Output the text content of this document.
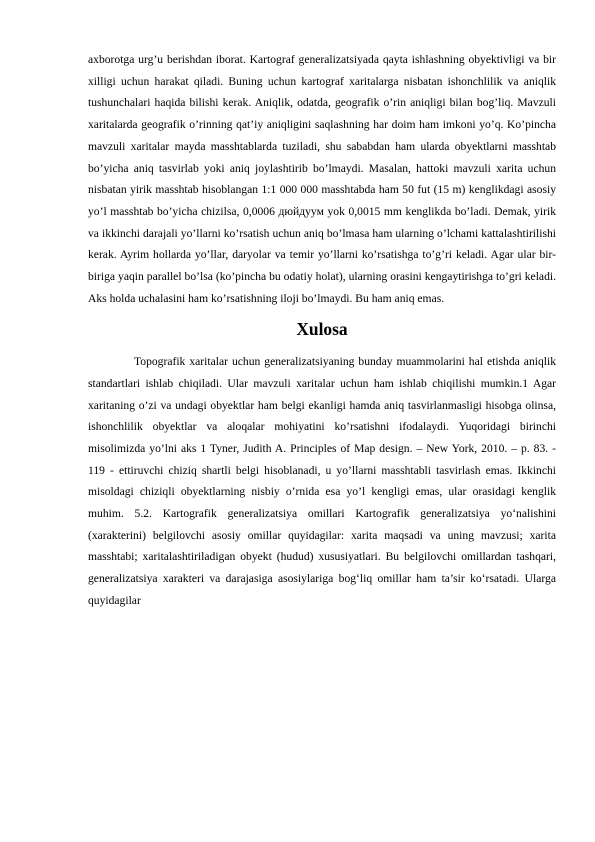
axborotga urg’u berishdan iborat. Kartograf generalizatsiyada qayta ishlashning obyektivligi va bir xilligi uchun harakat qiladi. Buning uchun kartograf xaritalarga nisbatan ishonchlilik va aniqlik tushunchalari haqida bilishi kerak. Aniqlik, odatda, geografik o’rin aniqligi bilan bog’liq. Mavzuli xaritalarda geografik o’rinning qat’iy aniqligini saqlashning har doim ham imkoni yo’q. Ko’pincha mavzuli xaritalar mayda masshtablarda tuziladi, shu sababdan ham ularda obyektlarni masshtab bo’yicha aniq tasvirlab yoki aniq joylashtirib bo’lmaydi. Masalan, hattoki mavzuli xarita uchun nisbatan yirik masshtab hisoblangan 1:1 000 000 masshtabda ham 50 fut (15 m) kenglikdagi asosiy yo’l masshtab bo’yicha chizilsa, 0,0006 дюйдуум yok 0,0015 mm kenglikda bo’ladi. Demak, yirik va ikkinchi darajali yo’llarni ko’rsatish uchun aniq bo’lmasa ham ularning o’lchami kattalashtirilishi kerak. Ayrim hollarda yo’llar, daryolar va temir yo’llarni ko’rsatishga to’g’ri keladi. Agar ular bir-biriga yaqin parallel bo’lsa (ko’pincha bu odatiy holat), ularning orasini kengaytirishga to’gri keladi. Aks holda uchalasini ham ko’rsatishning iloji bo’lmaydi. Bu ham aniq emas.

Xulosa

Topografik xaritalar uchun generalizatsiyaning bunday muammolarini hal etishda aniqlik standartlari ishlab chiqiladi. Ular mavzuli xaritalar uchun ham ishlab chiqilishi mumkin.1 Agar xaritaning o’zi va undagi obyektlar ham belgi ekanligi hamda aniq tasvirlanmasligi hisobga olinsa, ishonchlilik obyektlar va aloqalar mohiyatini ko’rsatishni ifodalaydi. Yuqoridagi birinchi misolimizda yo’lni aks 1 Tyner, Judith A. Principles of Map design. – New York, 2010. – p. 83. - 119 - ettiruvchi chiziq shartli belgi hisoblanadi, u yo’llarni masshtabli tasvirlash emas. Ikkinchi misoldagi chiziqli obyektlarning nisbiy o’rnida esa yo’l kengligi emas, ular orasidagi kenglik muhim. 5.2. Kartografik generalizatsiya omillari Kartografik generalizatsiya yo‘nalishini (xarakterini) belgilovchi asosiy omillar quyidagilar: xarita maqsadi va uning mavzusi; xarita masshtabi; xaritalashtiriladigan obyekt (hudud) xususiyatlari. Bu belgilovchi omillardan tashqari, generalizatsiya xarakteri va darajasiga asosiylariga bog‘liq omillar ham ta’sir ko‘rsatadi. Ularga quyidagilar
